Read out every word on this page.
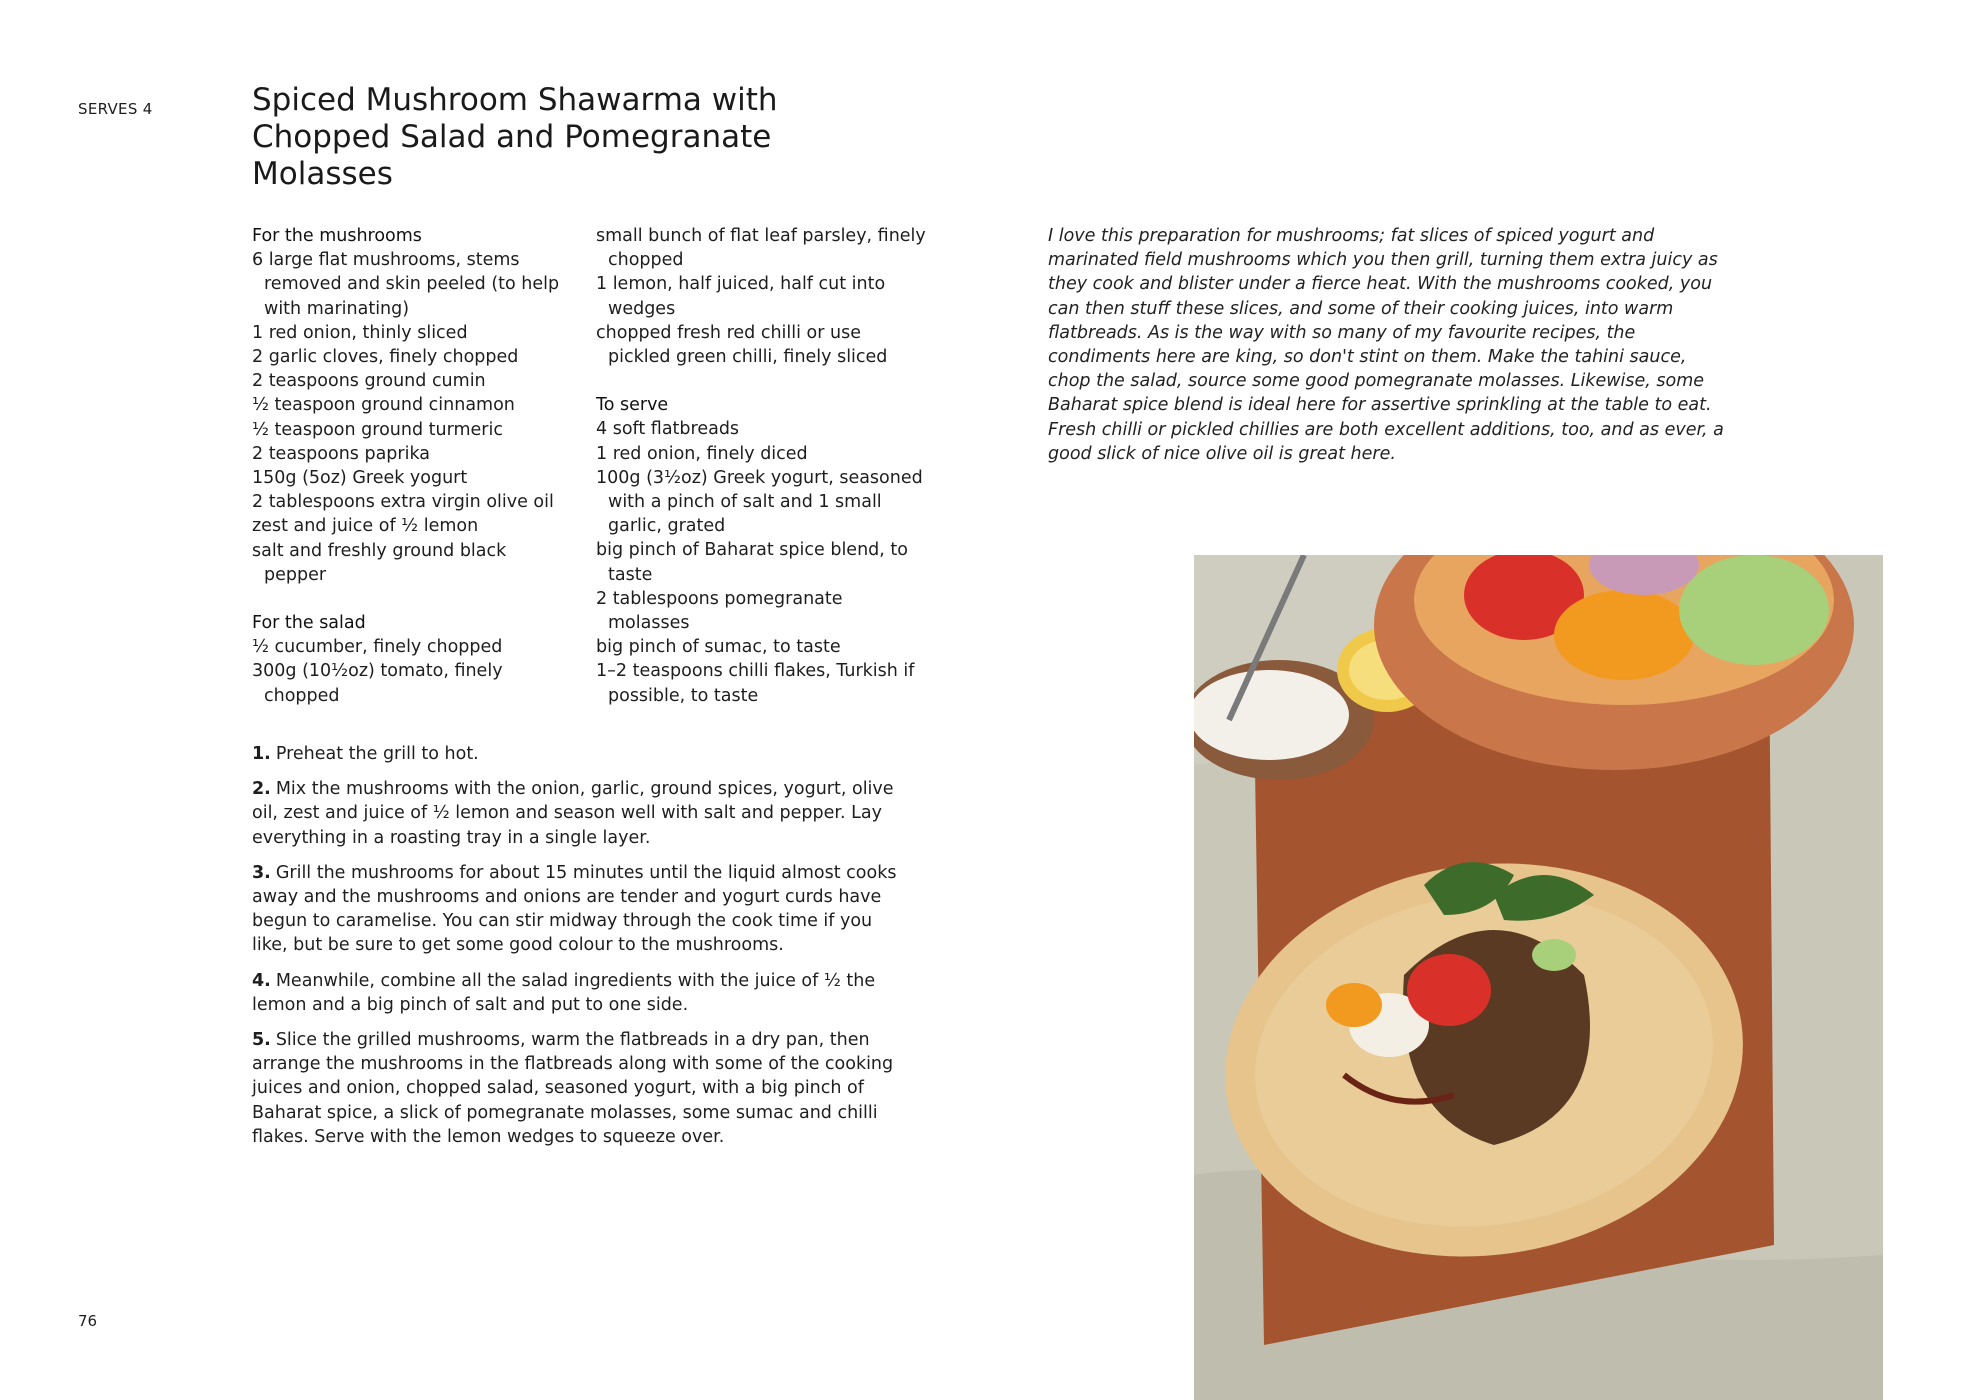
SERVES 4	Spiced Mushroom Shawarma with Chopped Salad and Pomegranate Molasses
For the mushrooms
6 large flat mushrooms, stems removed and skin peeled (to help with marinating)
1 red onion, thinly sliced
2 garlic cloves, finely chopped
2 teaspoons ground cumin
½ teaspoon ground cinnamon
½ teaspoon ground turmeric
2 teaspoons paprika
150g (5oz) Greek yogurt
2 tablespoons extra virgin olive oil
zest and juice of ½ lemon
salt and freshly ground black pepper
For the salad
½ cucumber, finely chopped
300g (10½oz) tomato, finely chopped
small bunch of flat leaf parsley, finely chopped
1 lemon, half juiced, half cut into wedges
chopped fresh red chilli or use pickled green chilli, finely sliced
To serve
4 soft flatbreads
1 red onion, finely diced
100g (3½oz) Greek yogurt, seasoned with a pinch of salt and 1 small garlic, grated
big pinch of Baharat spice blend, to taste
2 tablespoons pomegranate molasses
big pinch of sumac, to taste
1–2 teaspoons chilli flakes, Turkish if possible, to taste
1. Preheat the grill to hot.
2. Mix the mushrooms with the onion, garlic, ground spices, yogurt, olive oil, zest and juice of ½ lemon and season well with salt and pepper. Lay everything in a roasting tray in a single layer.
3. Grill the mushrooms for about 15 minutes until the liquid almost cooks away and the mushrooms and onions are tender and yogurt curds have begun to caramelise. You can stir midway through the cook time if you like, but be sure to get some good colour to the mushrooms.
4. Meanwhile, combine all the salad ingredients with the juice of ½ the lemon and a big pinch of salt and put to one side.
5. Slice the grilled mushrooms, warm the flatbreads in a dry pan, then arrange the mushrooms in the flatbreads along with some of the cooking juices and onion, chopped salad, seasoned yogurt, with a big pinch of Baharat spice, a slick of pomegranate molasses, some sumac and chilli flakes. Serve with the lemon wedges to squeeze over.

I love this preparation for mushrooms; fat slices of spiced yogurt and marinated field mushrooms which you then grill, turning them extra juicy as they cook and blister under a fierce heat. With the mushrooms cooked, you can then stuff these slices, and some of their cooking juices, into warm flatbreads. As is the way with so many of my favourite recipes, the condiments here are king, so don't stint on them. Make the tahini sauce, chop the salad, source some good pomegranate molasses. Likewise, some Baharat spice blend is ideal here for assertive sprinkling at the table to eat. Fresh chilli or pickled chillies are both excellent additions, too, and as ever, a good slick of nice olive oil is great here.

76
